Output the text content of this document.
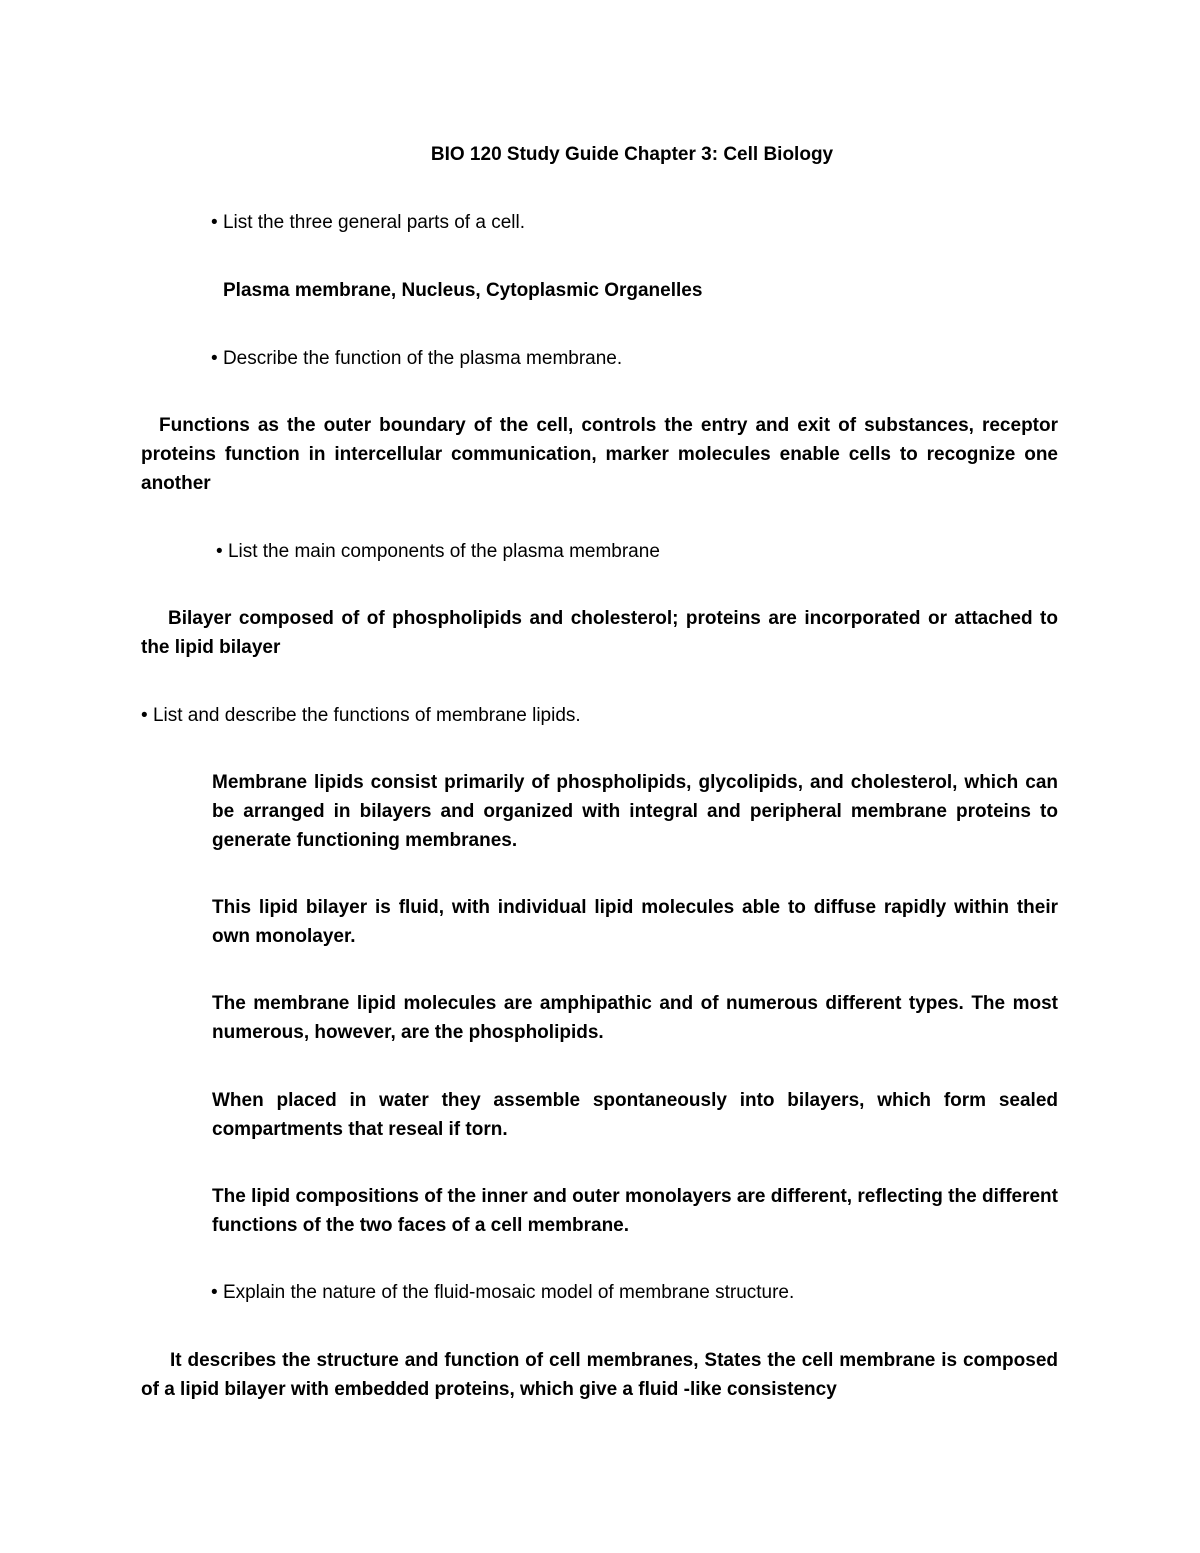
BIO 120 Study Guide Chapter 3: Cell Biology

• List the three general parts of a cell.

Plasma membrane, Nucleus, Cytoplasmic Organelles

• Describe the function of the plasma membrane.

Functions as the outer boundary of the cell, controls the entry and exit of substances, receptor proteins function in intercellular communication, marker molecules enable cells to recognize one another

• List the main components of the plasma membrane

Bilayer composed of of phospholipids and cholesterol; proteins are incorporated or attached to the lipid bilayer

• List and describe the functions of membrane lipids.

Membrane lipids consist primarily of phospholipids, glycolipids, and cholesterol, which can be arranged in bilayers and organized with integral and peripheral membrane proteins to generate functioning membranes.

This lipid bilayer is fluid, with individual lipid molecules able to diffuse rapidly within their own monolayer.

The membrane lipid molecules are amphipathic and of numerous different types. The most numerous, however, are the phospholipids.

When placed in water they assemble spontaneously into bilayers, which form sealed compartments that reseal if torn.

The lipid compositions of the inner and outer monolayers are different, reflecting the different functions of the two faces of a cell membrane.

• Explain the nature of the fluid-mosaic model of membrane structure.

It describes the structure and function of cell membranes, States the cell membrane is composed of a lipid bilayer with embedded proteins, which give a fluid -like consistency
